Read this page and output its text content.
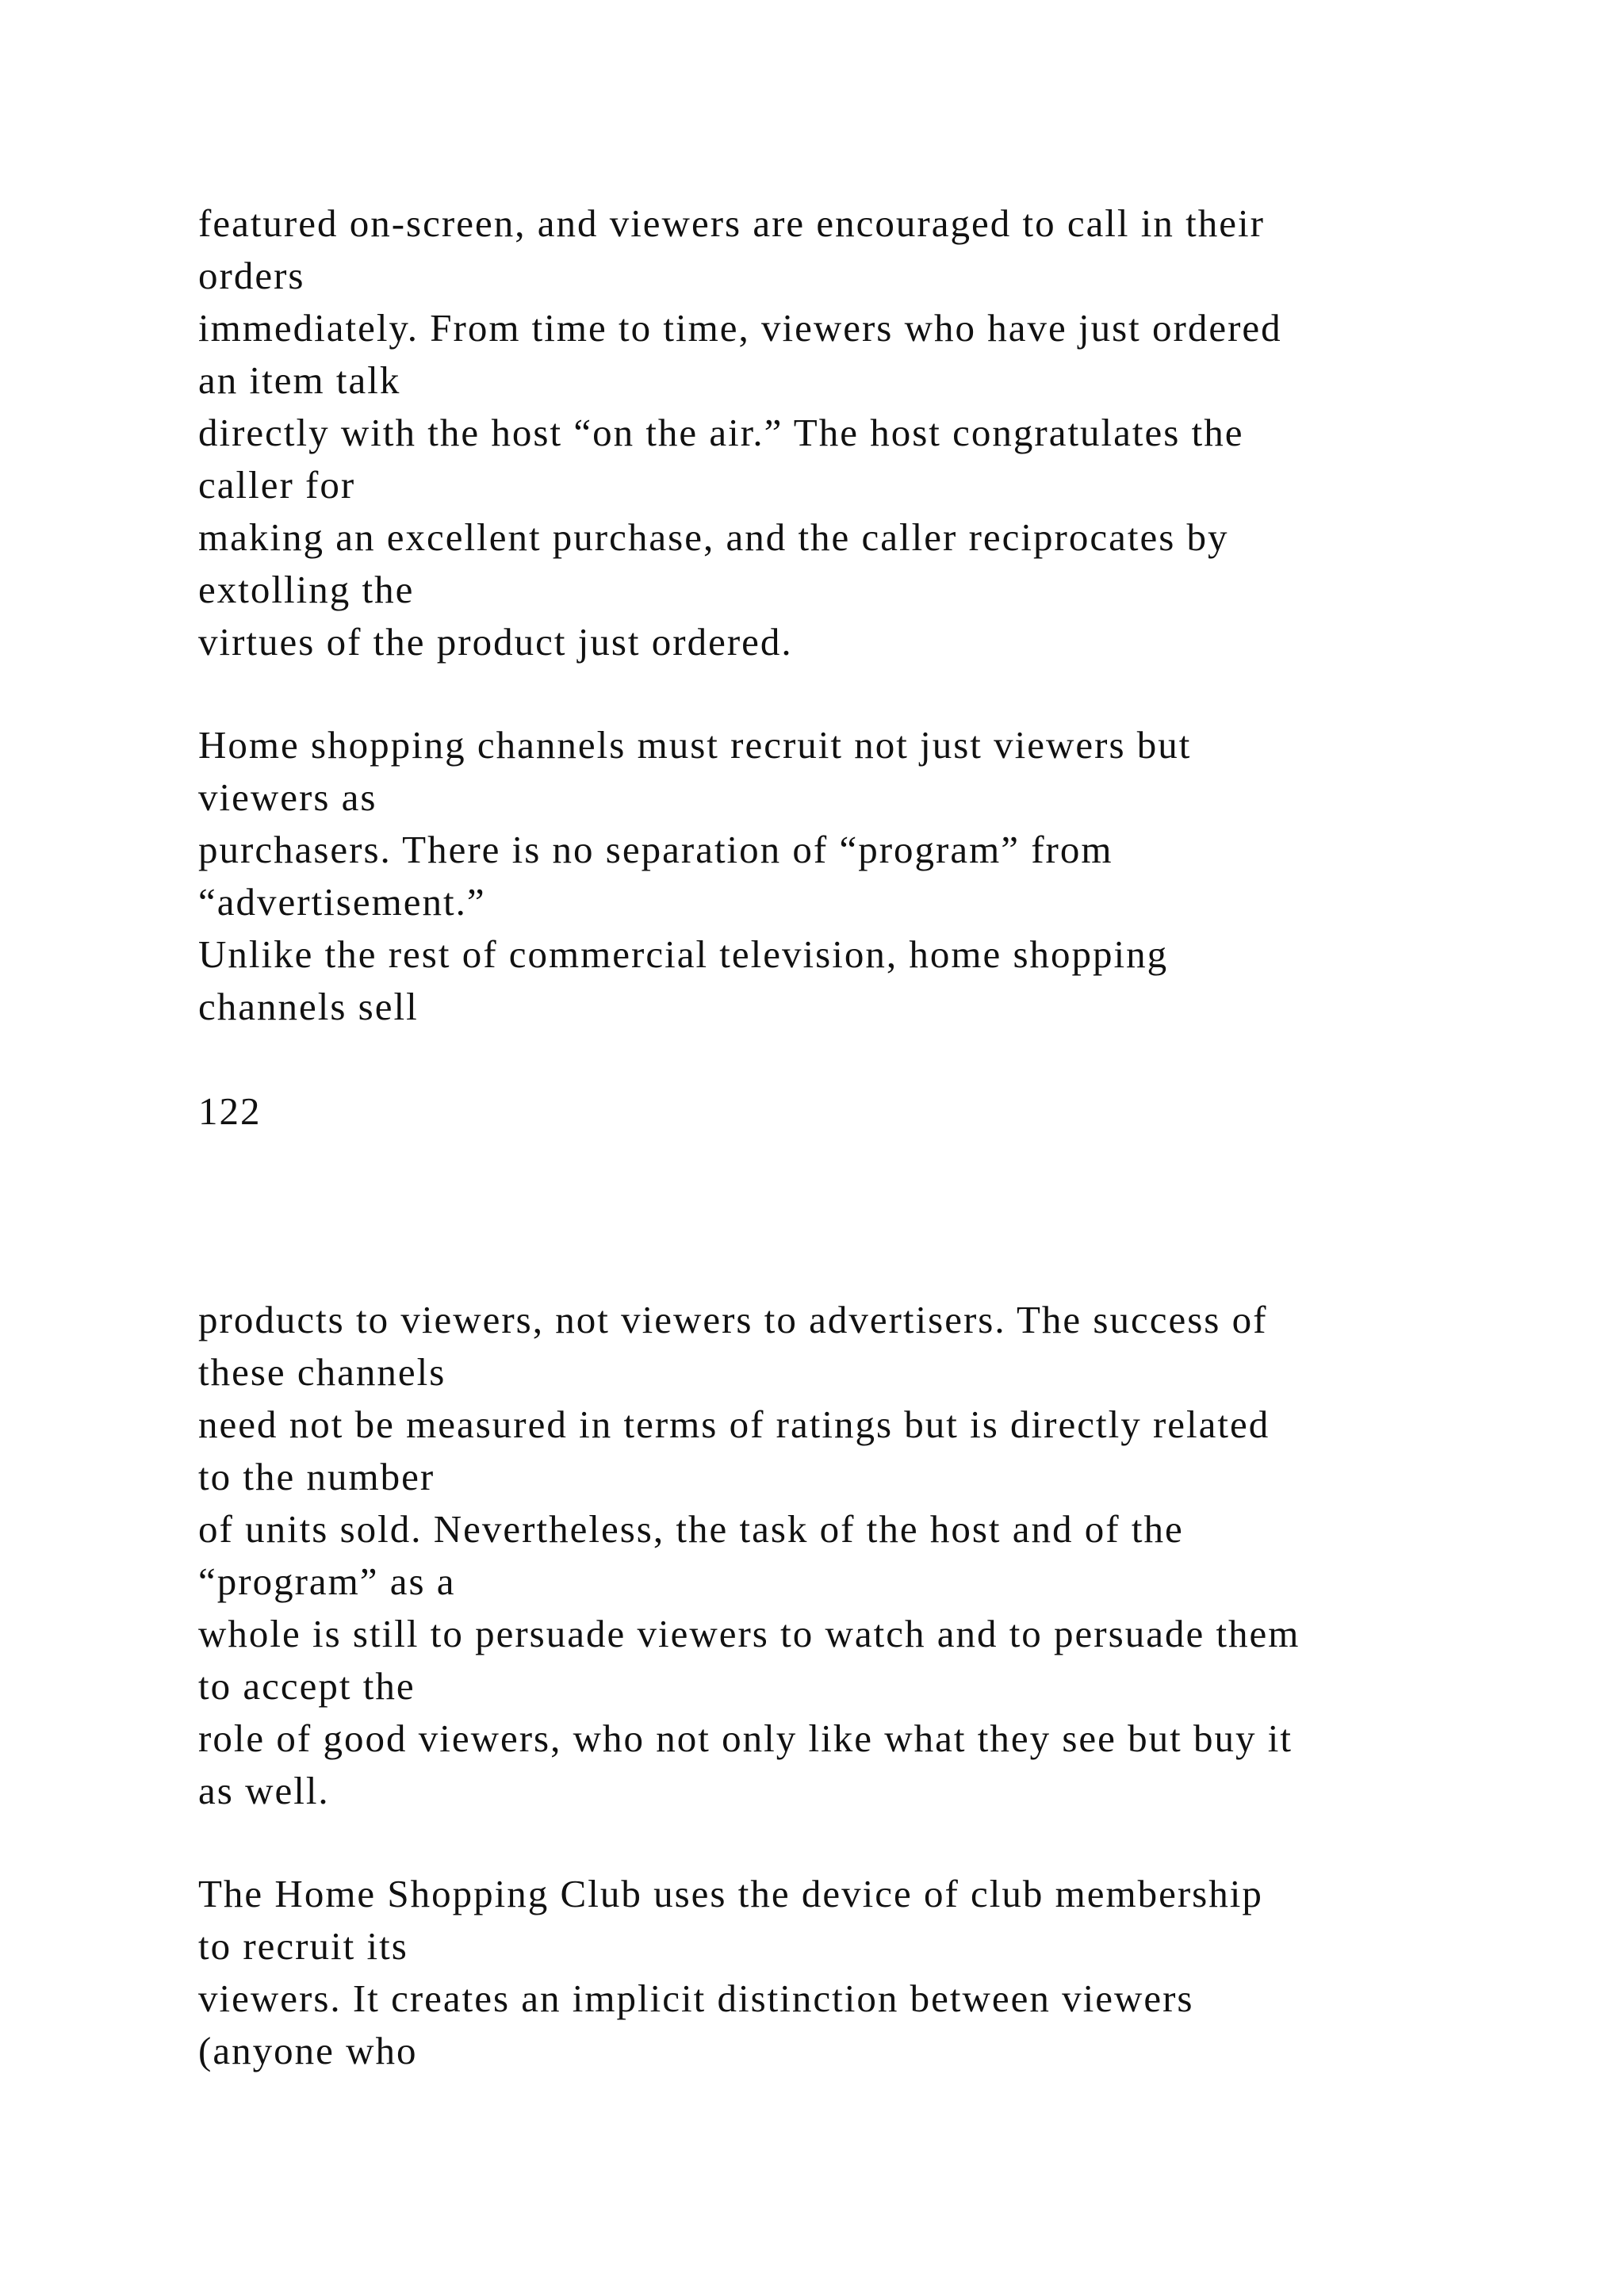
featured on-screen, and viewers are encouraged to call in their
orders
immediately. From time to time, viewers who have just ordered
an item talk
directly with the host “on the air.” The host congratulates the
caller for
making an excellent purchase, and the caller reciprocates by
extolling the
virtues of the product just ordered.

Home shopping channels must recruit not just viewers but
viewers as
purchasers. There is no separation of “program” from
“advertisement.”
Unlike the rest of commercial television, home shopping
channels sell

122

products to viewers, not viewers to advertisers. The success of
these channels
need not be measured in terms of ratings but is directly related
to the number
of units sold. Nevertheless, the task of the host and of the
“program” as a
whole is still to persuade viewers to watch and to persuade them
to accept the
role of good viewers, who not only like what they see but buy it
as well.

The Home Shopping Club uses the device of club membership
to recruit its
viewers. It creates an implicit distinction between viewers
(anyone who
